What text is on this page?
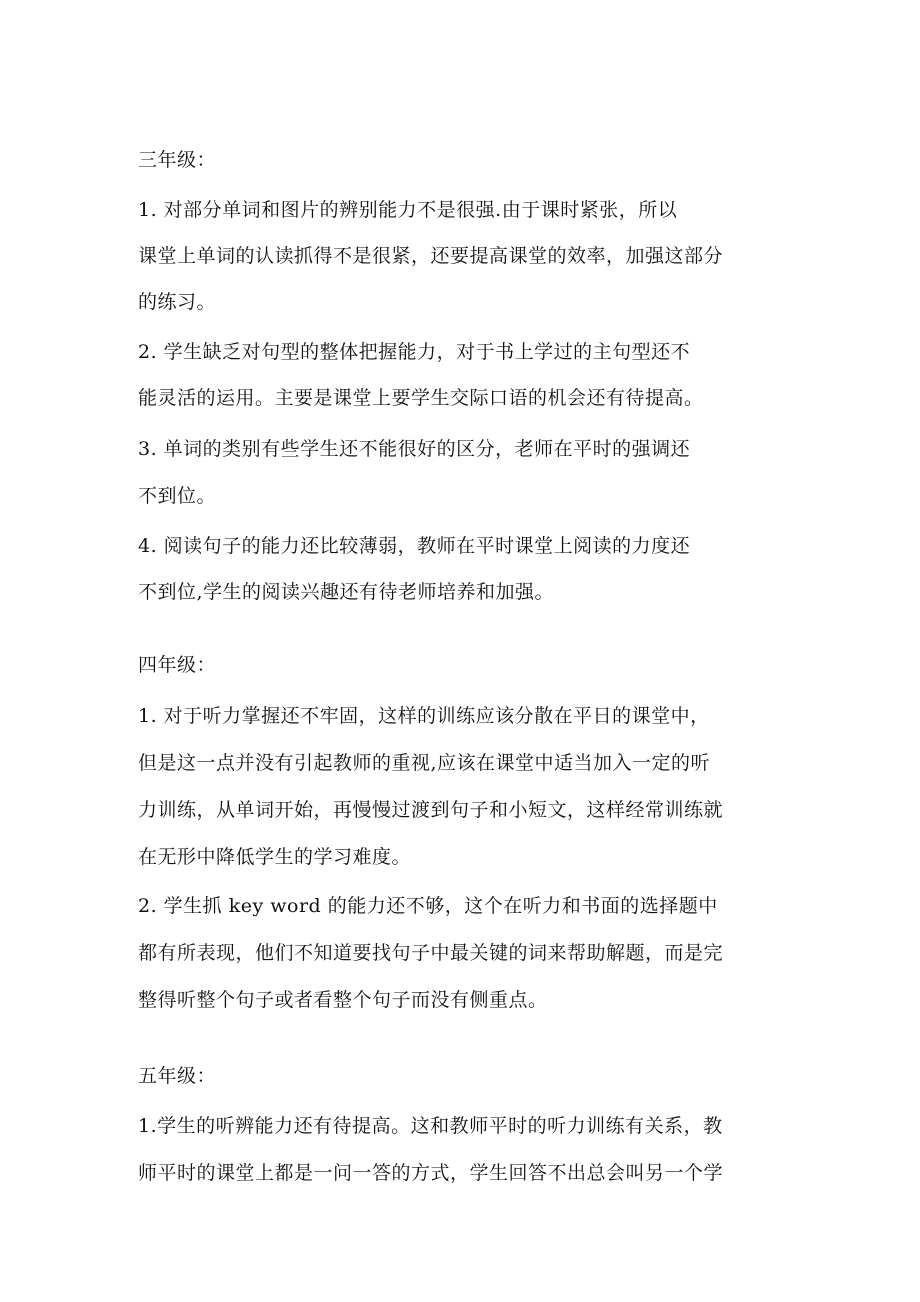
三年级：
1. 对部分单词和图片的辨别能力不是很强.由于课时紧张，所以
课堂上单词的认读抓得不是很紧，还要提高课堂的效率，加强这部分
的练习。
2. 学生缺乏对句型的整体把握能力，对于书上学过的主句型还不
能灵活的运用。主要是课堂上要学生交际口语的机会还有待提高。
3. 单词的类别有些学生还不能很好的区分，老师在平时的强调还
不到位。
4. 阅读句子的能力还比较薄弱，教师在平时课堂上阅读的力度还
不到位,学生的阅读兴趣还有待老师培养和加强。
四年级：
1. 对于听力掌握还不牢固，这样的训练应该分散在平日的课堂中，
但是这一点并没有引起教师的重视,应该在课堂中适当加入一定的听
力训练，从单词开始，再慢慢过渡到句子和小短文，这样经常训练就
在无形中降低学生的学习难度。
2. 学生抓 key word 的能力还不够，这个在听力和书面的选择题中
都有所表现，他们不知道要找句子中最关键的词来帮助解题，而是完
整得听整个句子或者看整个句子而没有侧重点。
五年级：
1.学生的听辨能力还有待提高。这和教师平时的听力训练有关系，教
师平时的课堂上都是一问一答的方式，学生回答不出总会叫另一个学
